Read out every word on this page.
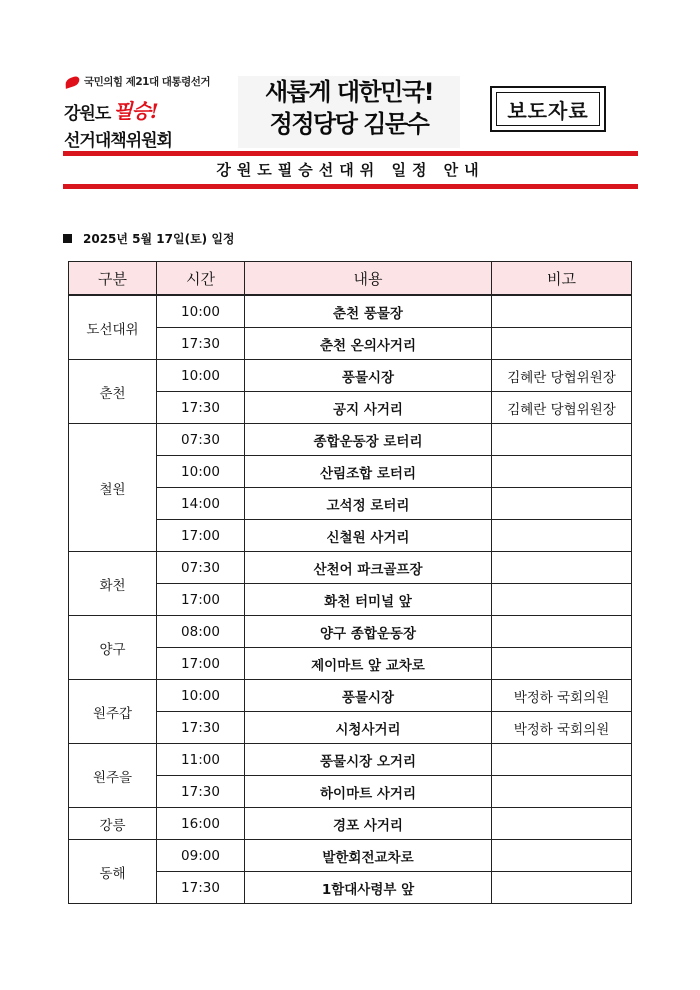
국민의힘 제21대 대통령선거
강원도 필승!
선거대책위원회
새롭게 대한민국!
정정당당 김문수	보도자료
강원도필승선대위 일정 안내
2025년 5월 17일(토) 일정
구분	시간	내용	비고
도선대위	10:00	춘천 풍물장	
	17:30	춘천 온의사거리	
춘천	10:00	풍물시장	김혜란 당협위원장
	17:30	공지 사거리	김혜란 당협위원장
철원	07:30	종합운동장 로터리	
	10:00	산림조합 로터리	
	14:00	고석정 로터리	
	17:00	신철원 사거리	
화천	07:30	산천어 파크골프장	
	17:00	화천 터미널 앞	
양구	08:00	양구 종합운동장	
	17:00	제이마트 앞 교차로	
원주갑	10:00	풍물시장	박정하 국회의원
	17:30	시청사거리	박정하 국회의원
원주을	11:00	풍물시장 오거리	
	17:30	하이마트 사거리	
강릉	16:00	경포 사거리	
동해	09:00	발한회전교차로	
	17:30	1함대사령부 앞	
